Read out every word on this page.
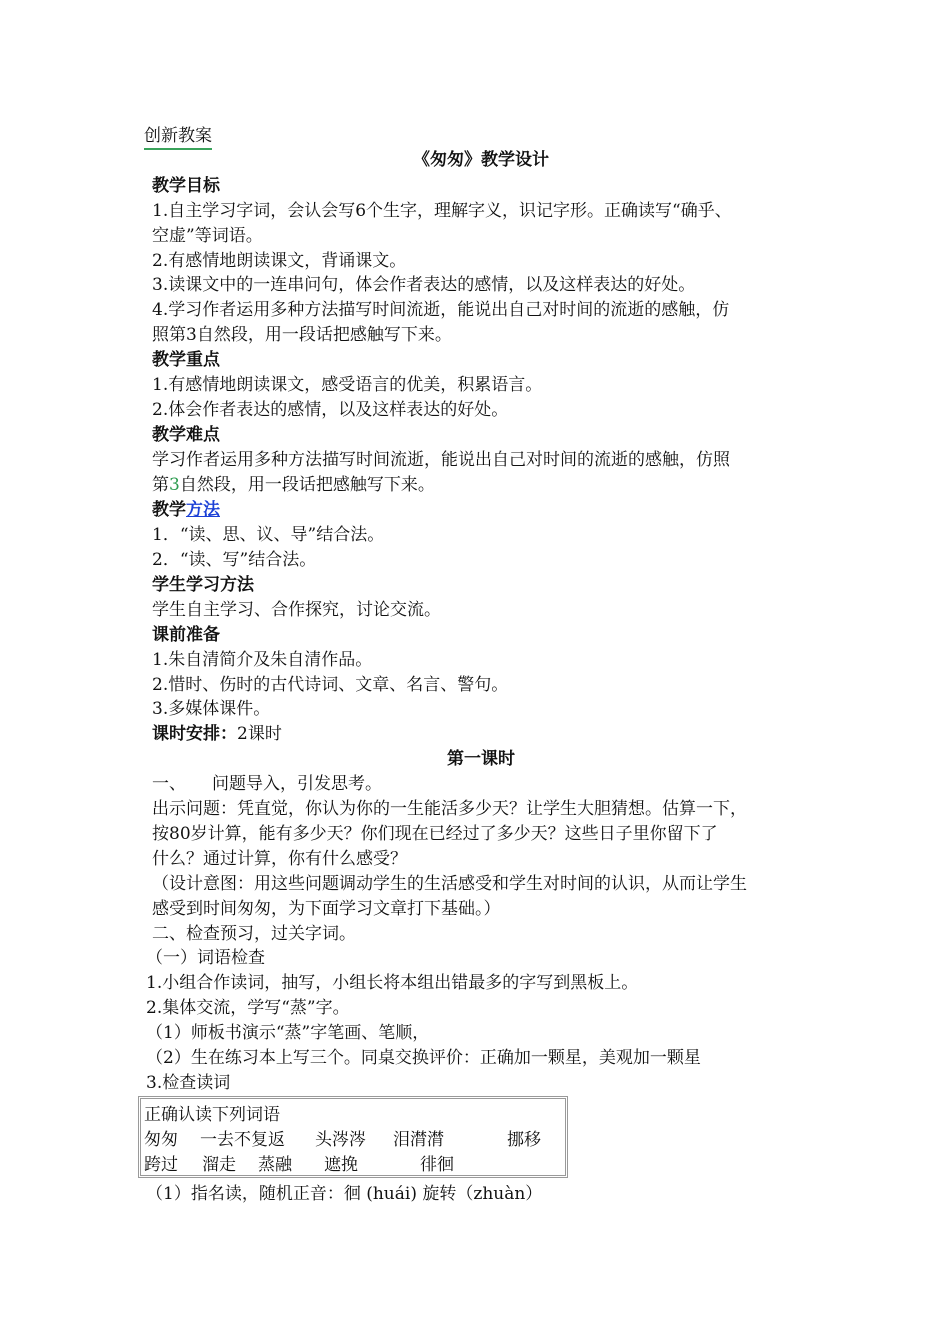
创新教案
《匆匆》教学设计
教学目标
1.自主学习字词，会认会写6个生字，理解字义，识记字形。正确读写“确乎、
空虚”等词语。
2.有感情地朗读课文，背诵课文。
3.读课文中的一连串问句，体会作者表达的感情，以及这样表达的好处。
4.学习作者运用多种方法描写时间流逝，能说出自己对时间的流逝的感触，仿
照第3自然段，用一段话把感触写下来。
教学重点
1.有感情地朗读课文，感受语言的优美，积累语言。
2.体会作者表达的感情，以及这样表达的好处。
教学难点
学习作者运用多种方法描写时间流逝，能说出自己对时间的流逝的感触，仿照
第3自然段，用一段话把感触写下来。
教学方法
1．“读、思、议、导”结合法。
2．“读、写”结合法。
学生学习方法
学生自主学习、合作探究，讨论交流。
课前准备
1.朱自清简介及朱自清作品。
2.惜时、伤时的古代诗词、文章、名言、警句。
3.多媒体课件。
课时安排：2课时
第一课时
一、 问题导入，引发思考。
出示问题：凭直觉，你认为你的一生能活多少天？让学生大胆猜想。估算一下，
按80岁计算，能有多少天？你们现在已经过了多少天？这些日子里你留下了
什么？通过计算，你有什么感受？
（设计意图：用这些问题调动学生的生活感受和学生对时间的认识，从而让学生
感受到时间匆匆，为下面学习文章打下基础。）
二、检查预习，过关字词。
（一）词语检查
1.小组合作读词，抽写，小组长将本组出错最多的字写到黑板上。
2.集体交流，学写“蒸”字。
（1）师板书演示“蒸”字笔画、笔顺，
（2）生在练习本上写三个。同桌交换评价：正确加一颗星，美观加一颗星
3.检查读词
正确认读下列词语
匆匆 一去不复返 头涔涔 泪潸潸	挪移
跨过 溜走 蒸融 遮挽	徘徊
（1）指名读，随机正音：徊 (huái) 旋转（zhuàn）
